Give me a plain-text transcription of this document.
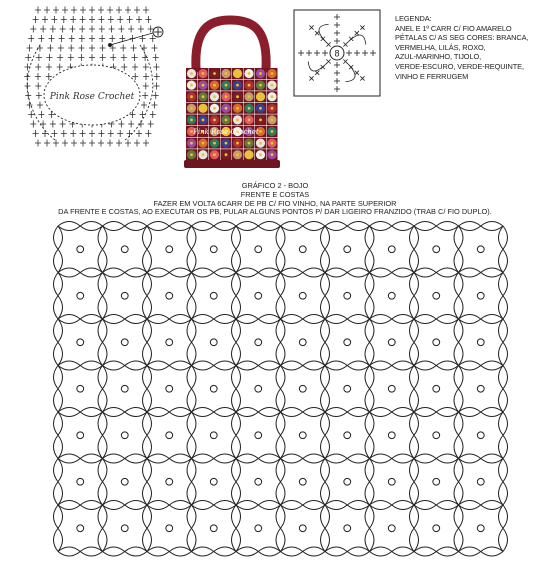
Pink Rose Crochet
Pink Rose Crochet
8
LEGENDA:
ANEL E 1º CARR C/ FIO AMARELO
PÉTALAS C/ AS SEG CORES: BRANCA,
VERMELHA, LILÁS, ROXO,
AZUL-MARINHO, TIJOLO,
VERDE-ESCURO, VERDE-REQUINTE,
VINHO E FERRUGEM
GRÁFICO 2 - BOJO
FRENTE E COSTAS
FAZER EM VOLTA 6CARR DE PB C/ FIO VINHO, NA PARTE SUPERIOR
DA FRENTE E COSTAS, AO EXECUTAR OS PB, PULAR ALGUNS PONTOS P/ DAR LIGEIRO FRANZIDO (TRAB C/ FIO DUPLO).
